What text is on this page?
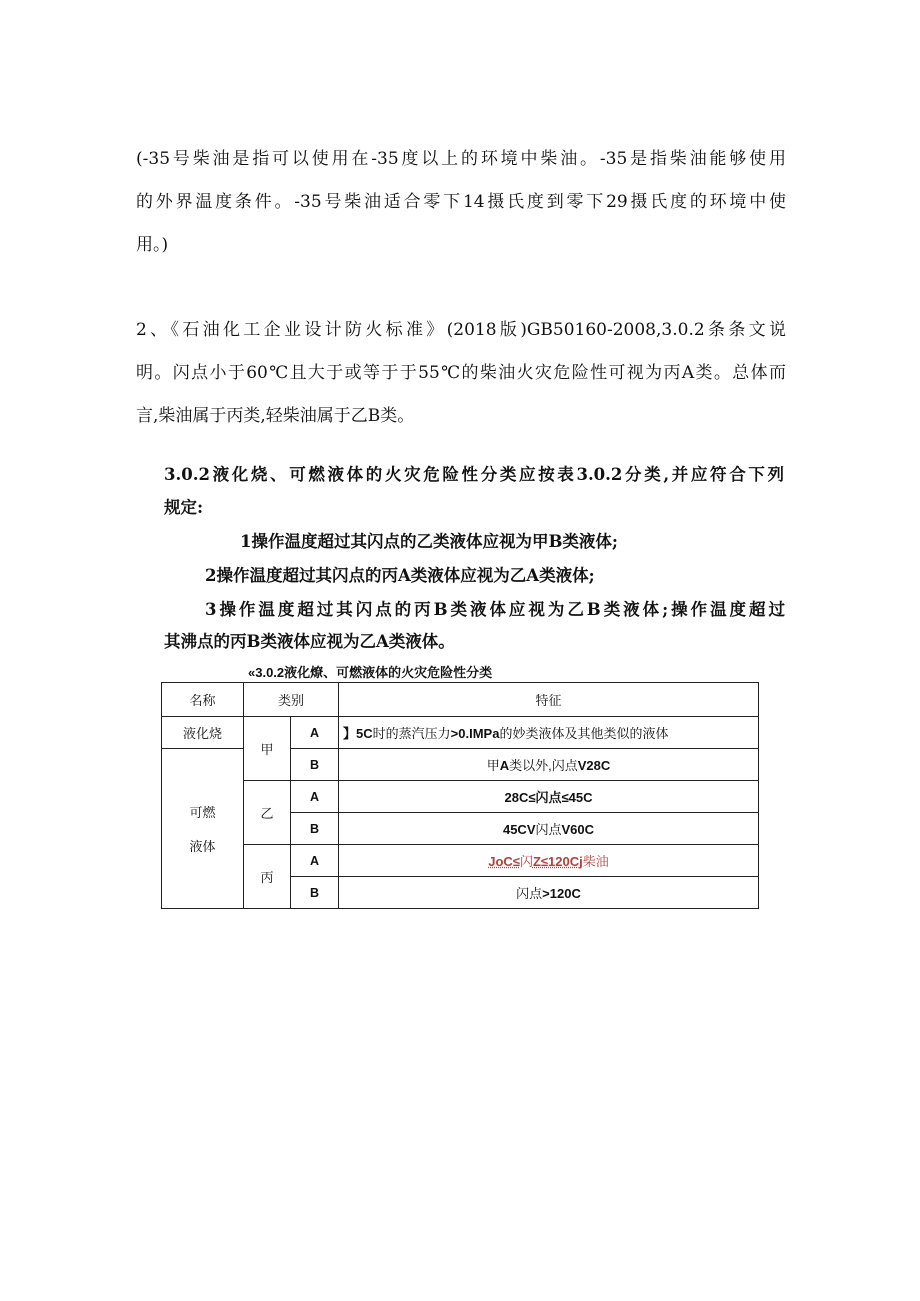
(-35号柴油是指可以使用在-35度以上的环境中柴油。-35是指柴油能够使用
的外界温度条件。-35号柴油适合零下14摄氏度到零下29摄氏度的环境中使
用。)
2、《石油化工企业设计防火标准》(2018版)GB50160-2008,3.0.2条条文说
明。闪点小于60℃且大于或等于于55℃的柴油火灾危险性可视为丙A类。总体而
言,柴油属于丙类,轻柴油属于乙B类。

3.0.2液化烧、可燃液体的火灾危险性分类应按表3.0.2分类,并应符合下列

规定:

1操作温度超过其闪点的乙类液体应视为甲B类液体;

2操作温度超过其闪点的丙A类液体应视为乙A类液体;

3操作温度超过其闪点的丙B类液体应视为乙B类液体;操作温度超过

其沸点的丙B类液体应视为乙A类液体。

«3.0.2液化燎、可燃液体的火灾危险性分类
名称	类别		特征
液化烧	甲	A	】5C时的蒸汽压力>0.IMPa的妙类液体及其他类似的液体
可燃

液体		B	甲A类以外,闪点V28C
	乙	A	28C≤闪点≤45C
		B	45CV闪点V60C
	丙	A	JoC≤闪Z≤120Cj柴油
		B	闪点>120C
